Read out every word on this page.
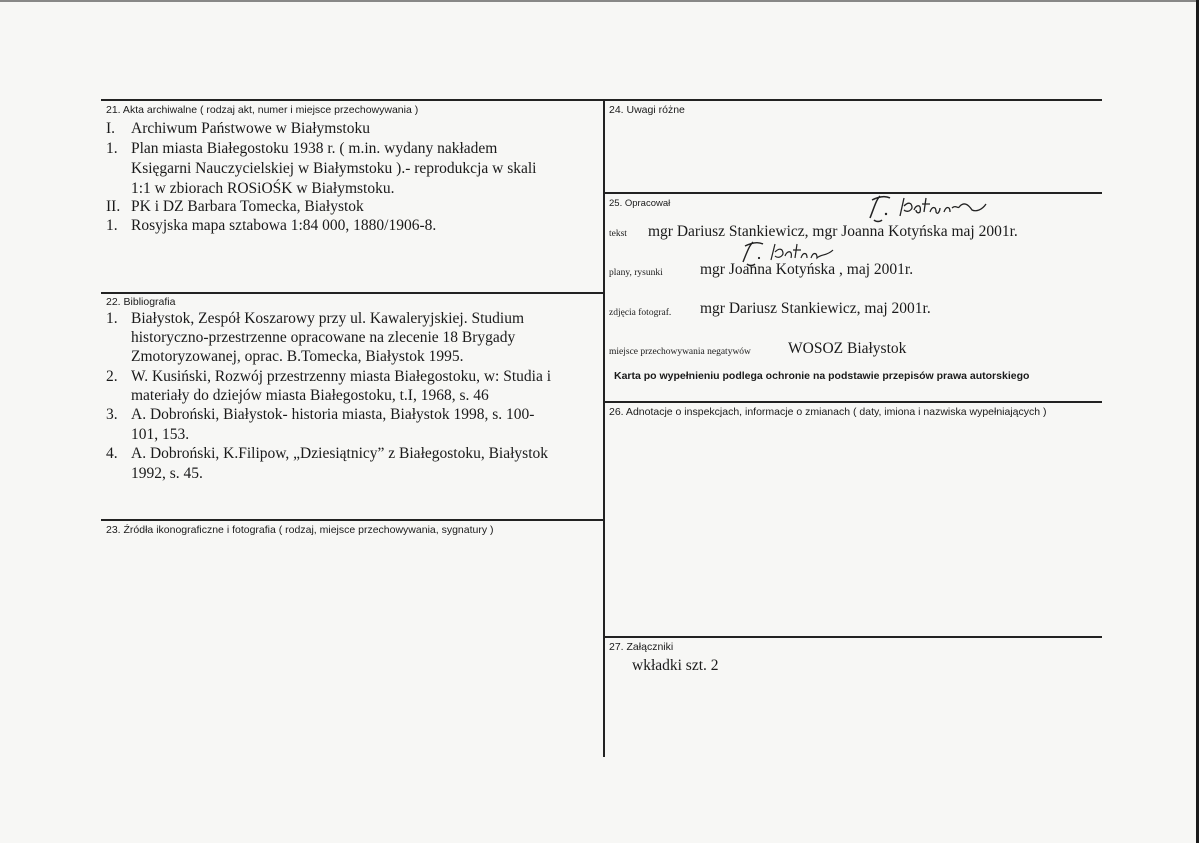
21. Akta archiwalne ( rodzaj akt, numer i miejsce przechowywania )
I. Archiwum Państwowe w Białymstoku
1. Plan miasta Białegostoku 1938 r. ( m.in. wydany nakładem
Księgarni Nauczycielskiej w Białymstoku ).- reprodukcja w skali
1:1 w zbiorach ROSiOŚK w Białymstoku.
II. PK i DZ Barbara Tomecka, Białystok
1. Rosyjska mapa sztabowa 1:84 000, 1880/1906-8.
22. Bibliografia
1. Białystok, Zespół Koszarowy przy ul. Kawaleryjskiej. Studium
historyczno-przestrzenne opracowane na zlecenie 18 Brygady
Zmotoryzowanej, oprac. B.Tomecka, Białystok 1995.
2. W. Kusiński, Rozwój przestrzenny miasta Białegostoku, w: Studia i
materiały do dziejów miasta Białegostoku, t.I, 1968, s. 46
3. A. Dobroński, Białystok- historia miasta, Białystok 1998, s. 100-
101, 153.
4. A. Dobroński, K.Filipow, „Dziesiątnicy” z Białegostoku, Białystok
1992, s. 45.
23. Źródła ikonograficzne i fotografia ( rodzaj, miejsce przechowywania, sygnatury )
24. Uwagi różne
25. Opracował
tekst mgr Dariusz Stankiewicz, mgr Joanna Kotyńska maj 2001r.
plany, rysunki mgr Joanna Kotyńska , maj 2001r.
zdjęcia fotograf. mgr Dariusz Stankiewicz, maj 2001r.
miejsce przechowywania negatywów WOSOZ Białystok
Karta po wypełnieniu podlega ochronie na podstawie przepisów prawa autorskiego
26. Adnotacje o inspekcjach, informacje o zmianach ( daty, imiona i nazwiska wypełniających )
27. Załączniki
wkładki szt. 2
